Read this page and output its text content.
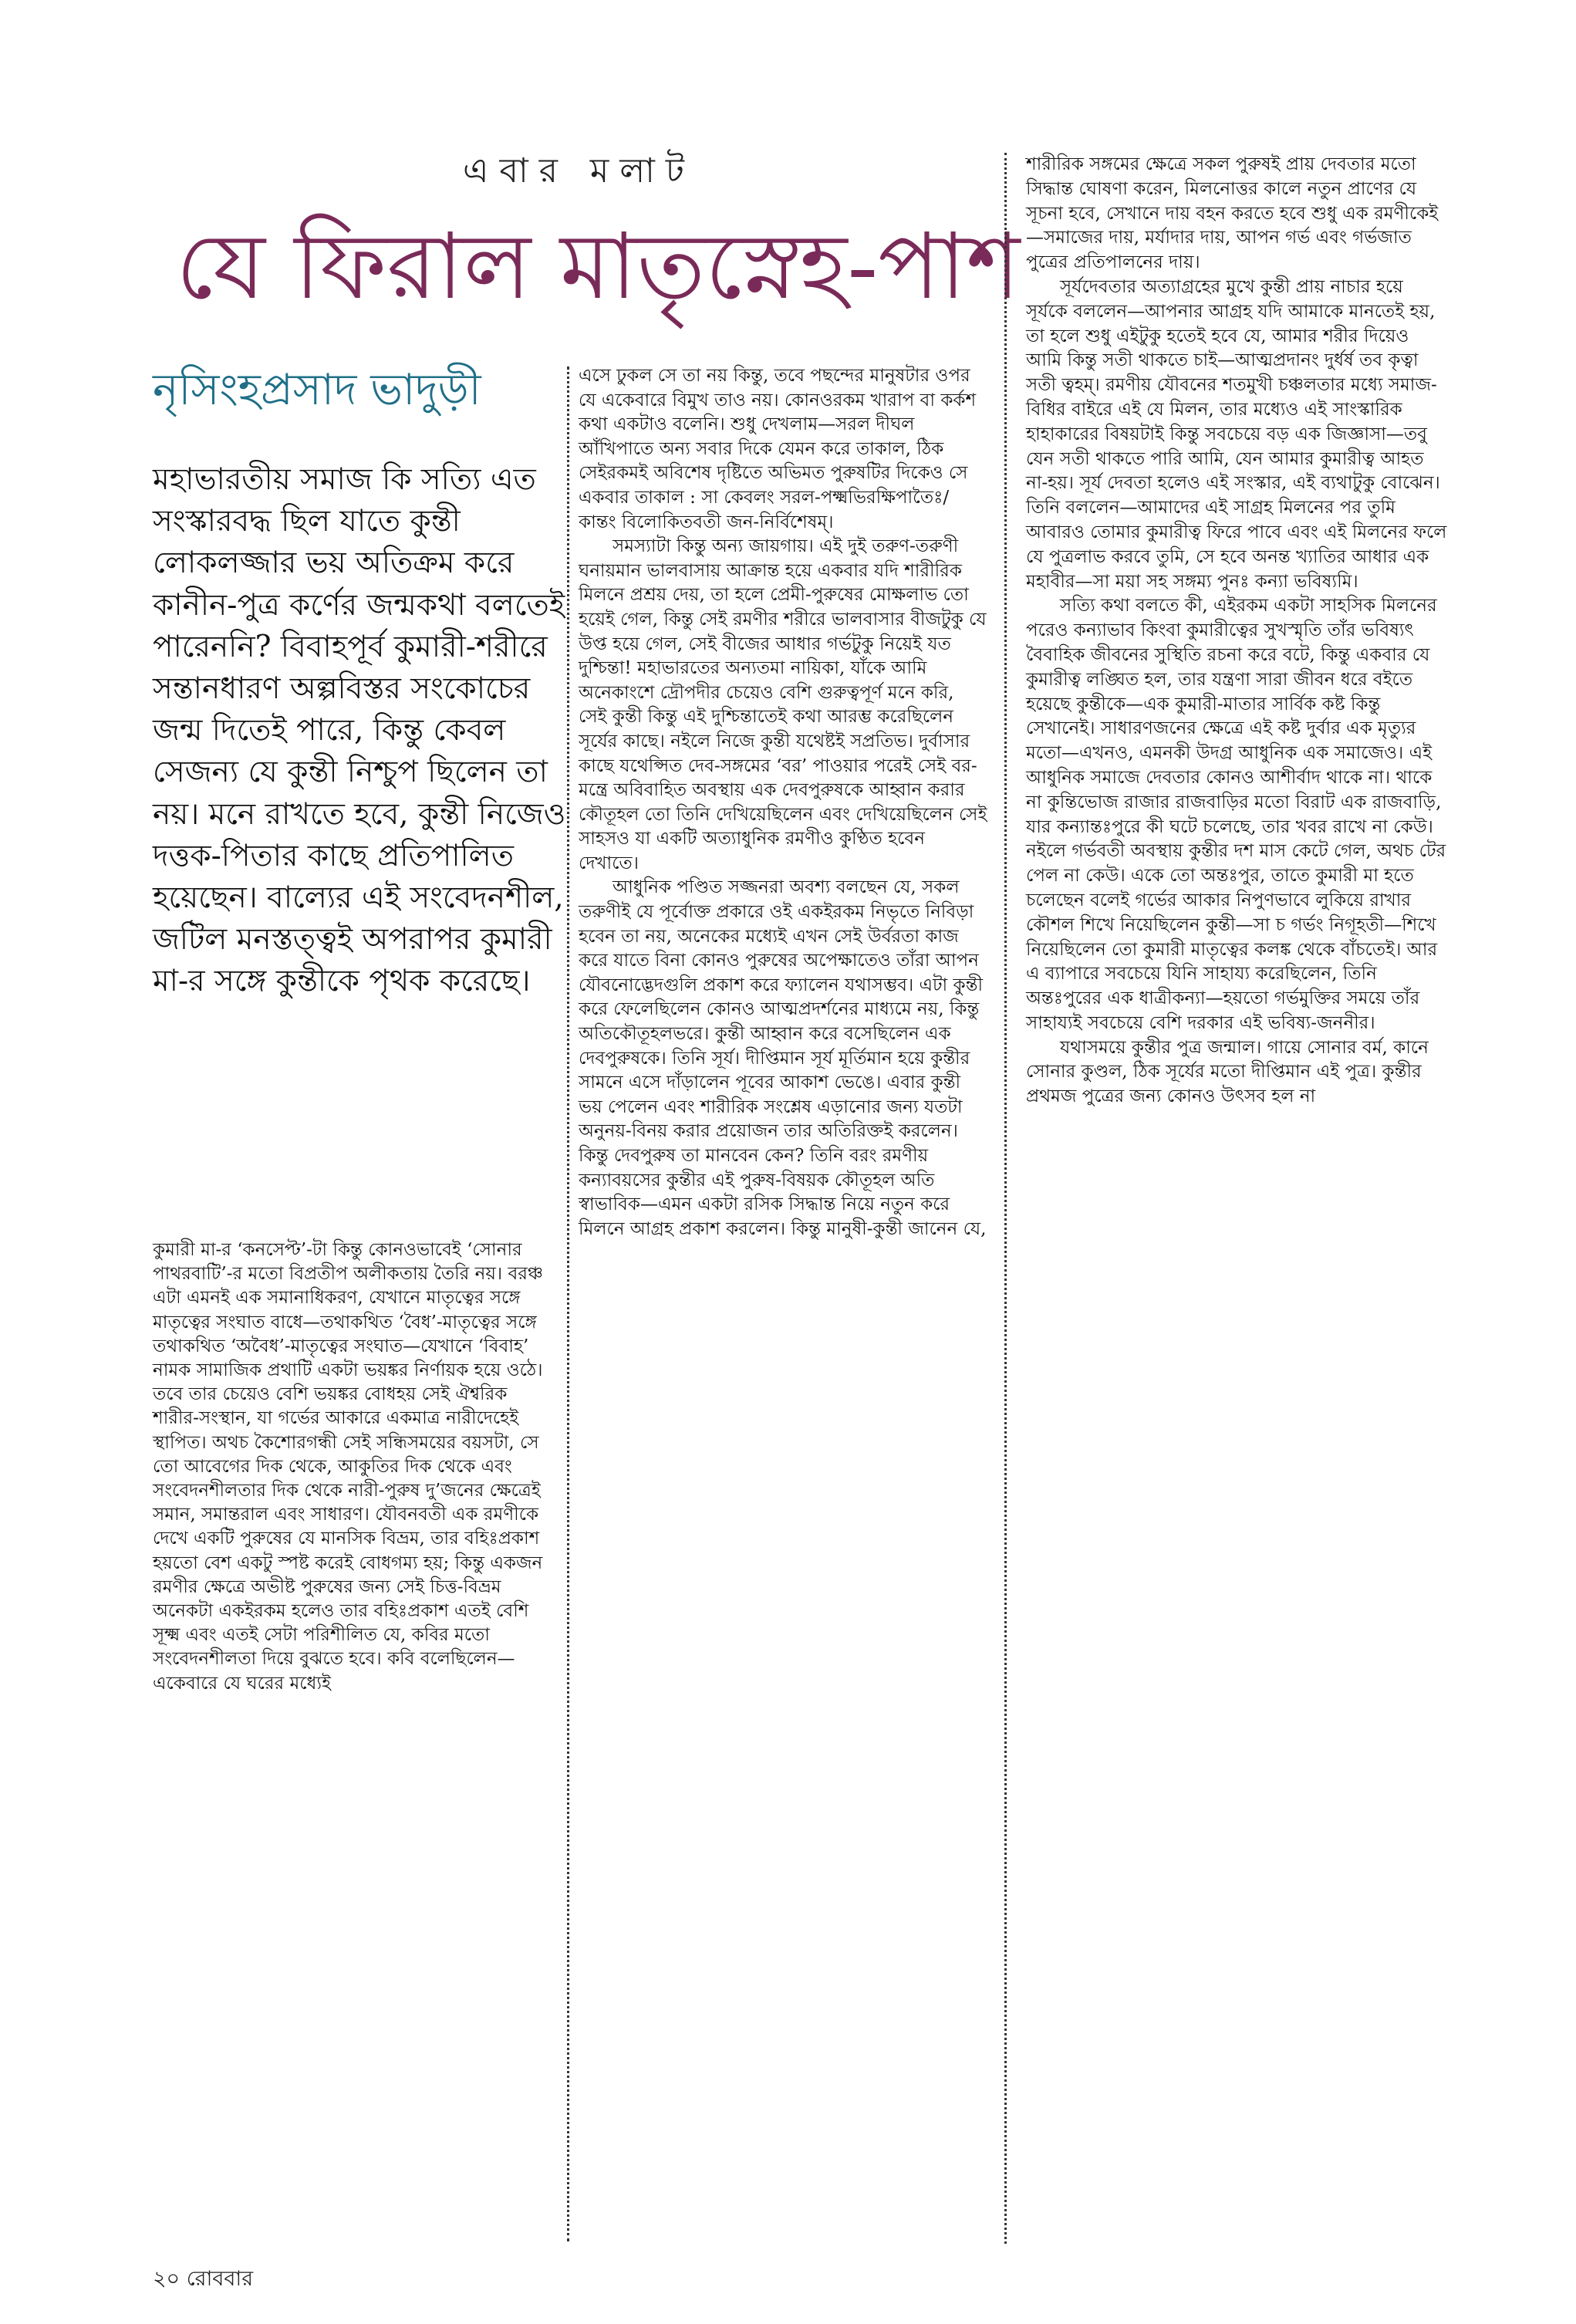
এবার মলাট
যে ফিরাল মাতৃস্নেহ-পাশ
নৃসিংহপ্রসাদ ভাদুড়ী
মহাভারতীয় সমাজ কি সত্যি এত সংস্কারবদ্ধ ছিল যাতে কুন্তী লোকলজ্জার ভয় অতিক্রম করে কানীন-পুত্র কর্ণের জন্মকথা বলতেই পারেননি? বিবাহপূর্ব কুমারী-শরীরে সন্তানধারণ অল্পবিস্তর সংকোচের জন্ম দিতেই পারে, কিন্তু কেবল সেজন্য যে কুন্তী নিশ্চুপ ছিলেন তা নয়। মনে রাখতে হবে, কুন্তী নিজেও দত্তক-পিতার কাছে প্রতিপালিত হয়েছেন। বাল্যের এই সংবেদনশীল, জটিল মনস্তত্ত্বই অপরাপর কুমারী মা-র সঙ্গে কুন্তীকে পৃথক করেছে।

কুমারী মা-র ‘কনসেপ্ট’-টা কিন্তু কোনওভাবেই ‘সোনার পাথরবাটি’-র মতো বিপ্রতীপ অলীকতায় তৈরি নয়। বরঞ্চ এটা এমনই এক সমানাধিকরণ, যেখানে মাতৃত্বের সঙ্গে মাতৃত্বের সংঘাত বাধে—তথাকথিত ‘বৈধ’-মাতৃত্বের সঙ্গে তথাকথিত ‘অবৈধ’-মাতৃত্বের সংঘাত—যেখানে ‘বিবাহ’ নামক সামাজিক প্রথাটি একটা ভয়ঙ্কর নির্ণায়ক হয়ে ওঠে। তবে তার চেয়েও বেশি ভয়ঙ্কর বোধহয় সেই ঐশ্বরিক শারীর-সংস্থান, যা গর্ভের আকারে একমাত্র নারীদেহেই স্থাপিত। অথচ কৈশোরগন্ধী সেই সন্ধিসময়ের বয়সটা, সে তো আবেগের দিক থেকে, আকুতির দিক থেকে এবং সংবেদনশীলতার দিক থেকে নারী-পুরুষ দু’জনের ক্ষেত্রেই সমান, সমান্তরাল এবং সাধারণ। যৌবনবতী এক রমণীকে দেখে একটি পুরুষের যে মানসিক বিভ্রম, তার বহিঃপ্রকাশ হয়তো বেশ একটু স্পষ্ট করেই বোধগম্য হয়; কিন্তু একজন রমণীর ক্ষেত্রে অভীষ্ট পুরুষের জন্য সেই চিত্ত-বিভ্রম অনেকটা একইরকম হলেও তার বহিঃপ্রকাশ এতই বেশি সূক্ষ্ম এবং এতই সেটা পরিশীলিত যে, কবির মতো সংবেদনশীলতা দিয়ে বুঝতে হবে। কবি বলেছিলেন—একেবারে যে ঘরের মধ্যেই

এসে ঢুকল সে তা নয় কিন্তু, তবে পছন্দের মানুষটার ওপর যে একেবারে বিমুখ তাও নয়। কোনওরকম খারাপ বা কর্কশ কথা একটাও বলেনি। শুধু দেখলাম—সরল দীঘল আঁখিপাতে অন্য সবার দিকে যেমন করে তাকাল, ঠিক সেইরকমই অবিশেষ দৃষ্টিতে অভিমত পুরুষটির দিকেও সে একবার তাকাল : সা কেবলং সরল-পক্ষ্মভিরক্ষিপাতৈঃ/ কান্তং বিলোকিতবতী জন-নির্বিশেষম্।

সমস্যাটা কিন্তু অন্য জায়গায়। এই দুই তরুণ-তরুণী ঘনায়মান ভালবাসায় আক্রান্ত হয়ে একবার যদি শারীরিক মিলনে প্রশ্রয় দেয়, তা হলে প্রেমী-পুরুষের মোক্ষলাভ তো হয়েই গেল, কিন্তু সেই রমণীর শরীরে ভালবাসার বীজটুকু যে উপ্ত হয়ে গেল, সেই বীজের আধার গর্ভটুকু নিয়েই যত দুশ্চিন্তা! মহাভারতের অন্যতমা নায়িকা, যাঁকে আমি অনেকাংশে দ্রৌপদীর চেয়েও বেশি গুরুত্বপূর্ণ মনে করি, সেই কুন্তী কিন্তু এই দুশ্চিন্তাতেই কথা আরম্ভ করেছিলেন সূর্যের কাছে। নইলে নিজে কুন্তী যথেষ্টই সপ্রতিভ। দুর্বাসার কাছে যথেপ্সিত দেব-সঙ্গমের ‘বর’ পাওয়ার পরেই সেই বর-মন্ত্রে অবিবাহিত অবস্থায় এক দেবপুরুষকে আহ্বান করার কৌতূহল তো তিনি দেখিয়েছিলেন এবং দেখিয়েছিলেন সেই সাহসও যা একটি অত্যাধুনিক রমণীও কুণ্ঠিত হবেন দেখাতে।

আধুনিক পণ্ডিত সজ্জনরা অবশ্য বলছেন যে, সকল তরুণীই যে পূর্বোক্ত প্রকারে ওই একইরকম নিভৃতে নিবিড়া হবেন তা নয়, অনেকের মধ্যেই এখন সেই উর্বরতা কাজ করে যাতে বিনা কোনও পুরুষের অপেক্ষাতেও তাঁরা আপন যৌবনোদ্ভেদগুলি প্রকাশ করে ফ্যালেন যথাসম্ভব। এটা কুন্তী করে ফেলেছিলেন কোনও আত্মপ্রদর্শনের মাধ্যমে নয়, কিন্তু অতিকৌতূহলভরে। কুন্তী আহ্বান করে বসেছিলেন এক দেবপুরুষকে। তিনি সূর্য। দীপ্তিমান সূর্য মূর্তিমান হয়ে কুন্তীর সামনে এসে দাঁড়ালেন পূবের আকাশ ভেঙে। এবার কুন্তী ভয় পেলেন এবং শারীরিক সংশ্লেষ এড়ানোর জন্য যতটা অনুনয়-বিনয় করার প্রয়োজন তার অতিরিক্তই করলেন। কিন্তু দেবপুরুষ তা মানবেন কেন? তিনি বরং রমণীয় কন্যাবয়সের কুন্তীর এই পুরুষ-বিষয়ক কৌতূহল অতি স্বাভাবিক—এমন একটা রসিক সিদ্ধান্ত নিয়ে নতুন করে মিলনে আগ্রহ প্রকাশ করলেন। কিন্তু মানুষী-কুন্তী জানেন যে,

শারীরিক সঙ্গমের ক্ষেত্রে সকল পুরুষই প্রায় দেবতার মতো সিদ্ধান্ত ঘোষণা করেন, মিলনোত্তর কালে নতুন প্রাণের যে সূচনা হবে, সেখানে দায় বহন করতে হবে শুধু এক রমণীকেই—সমাজের দায়, মর্যাদার দায়, আপন গর্ভ এবং গর্ভজাত পুত্রের প্রতিপালনের দায়।

সূর্যদেবতার অত্যাগ্রহের মুখে কুন্তী প্রায় নাচার হয়ে সূর্যকে বললেন—আপনার আগ্রহ যদি আমাকে মানতেই হয়, তা হলে শুধু এইটুকু হতেই হবে যে, আমার শরীর দিয়েও আমি কিন্তু সতী থাকতে চাই—আত্মপ্রদানং দুর্ধর্ষ তব কৃত্বা সতী ত্বহম্। রমণীয় যৌবনের শতমুখী চঞ্চলতার মধ্যে সমাজ-বিধির বাইরে এই যে মিলন, তার মধ্যেও এই সাংস্কারিক হাহাকারের বিষয়টাই কিন্তু সবচেয়ে বড় এক জিজ্ঞাসা—তবু যেন সতী থাকতে পারি আমি, যেন আমার কুমারীত্ব আহত না-হয়। সূর্য দেবতা হলেও এই সংস্কার, এই ব্যথাটুকু বোঝেন। তিনি বললেন—আমাদের এই সাগ্রহ মিলনের পর তুমি আবারও তোমার কুমারীত্ব ফিরে পাবে এবং এই মিলনের ফলে যে পুত্রলাভ করবে তুমি, সে হবে অনন্ত খ্যাতির আধার এক মহাবীর—সা ময়া সহ সঙ্গম্য পুনঃ কন্যা ভবিষ্যমি।

সত্যি কথা বলতে কী, এইরকম একটা সাহসিক মিলনের পরেও কন্যাভাব কিংবা কুমারীত্বের সুখস্মৃতি তাঁর ভবিষ্যৎ বৈবাহিক জীবনের সুস্থিতি রচনা করে বটে, কিন্তু একবার যে কুমারীত্ব লঙ্ঘিত হল, তার যন্ত্রণা সারা জীবন ধরে বইতে হয়েছে কুন্তীকে—এক কুমারী-মাতার সার্বিক কষ্ট কিন্তু সেখানেই। সাধারণজনের ক্ষেত্রে এই কষ্ট দুর্বার এক মৃত্যুর মতো—এখনও, এমনকী উদগ্র আধুনিক এক সমাজেও। এই আধুনিক সমাজে দেবতার কোনও আশীর্বাদ থাকে না। থাকে না কুন্তিভোজ রাজার রাজবাড়ির মতো বিরাট এক রাজবাড়ি, যার কন্যান্তঃপুরে কী ঘটে চলেছে, তার খবর রাখে না কেউ। নইলে গর্ভবতী অবস্থায় কুন্তীর দশ মাস কেটে গেল, অথচ টের পেল না কেউ। একে তো অন্তঃপুর, তাতে কুমারী মা হতে চলেছেন বলেই গর্ভের আকার নিপুণভাবে লুকিয়ে রাখার কৌশল শিখে নিয়েছিলেন কুন্তী—সা চ গর্ভং নিগূহতী—শিখে নিয়েছিলেন তো কুমারী মাতৃত্বের কলঙ্ক থেকে বাঁচতেই। আর এ ব্যাপারে সবচেয়ে যিনি সাহায্য করেছিলেন, তিনি অন্তঃপুরের এক ধাত্রীকন্যা—হয়তো গর্ভমুক্তির সময়ে তাঁর সাহায্যই সবচেয়ে বেশি দরকার এই ভবিষ্য-জননীর।

যথাসময়ে কুন্তীর পুত্র জন্মাল। গায়ে সোনার বর্ম, কানে সোনার কুণ্ডল, ঠিক সূর্যের মতো দীপ্তিমান এই পুত্র। কুন্তীর প্রথমজ পুত্রের জন্য কোনও উৎসব হল না

২০ রোববার
